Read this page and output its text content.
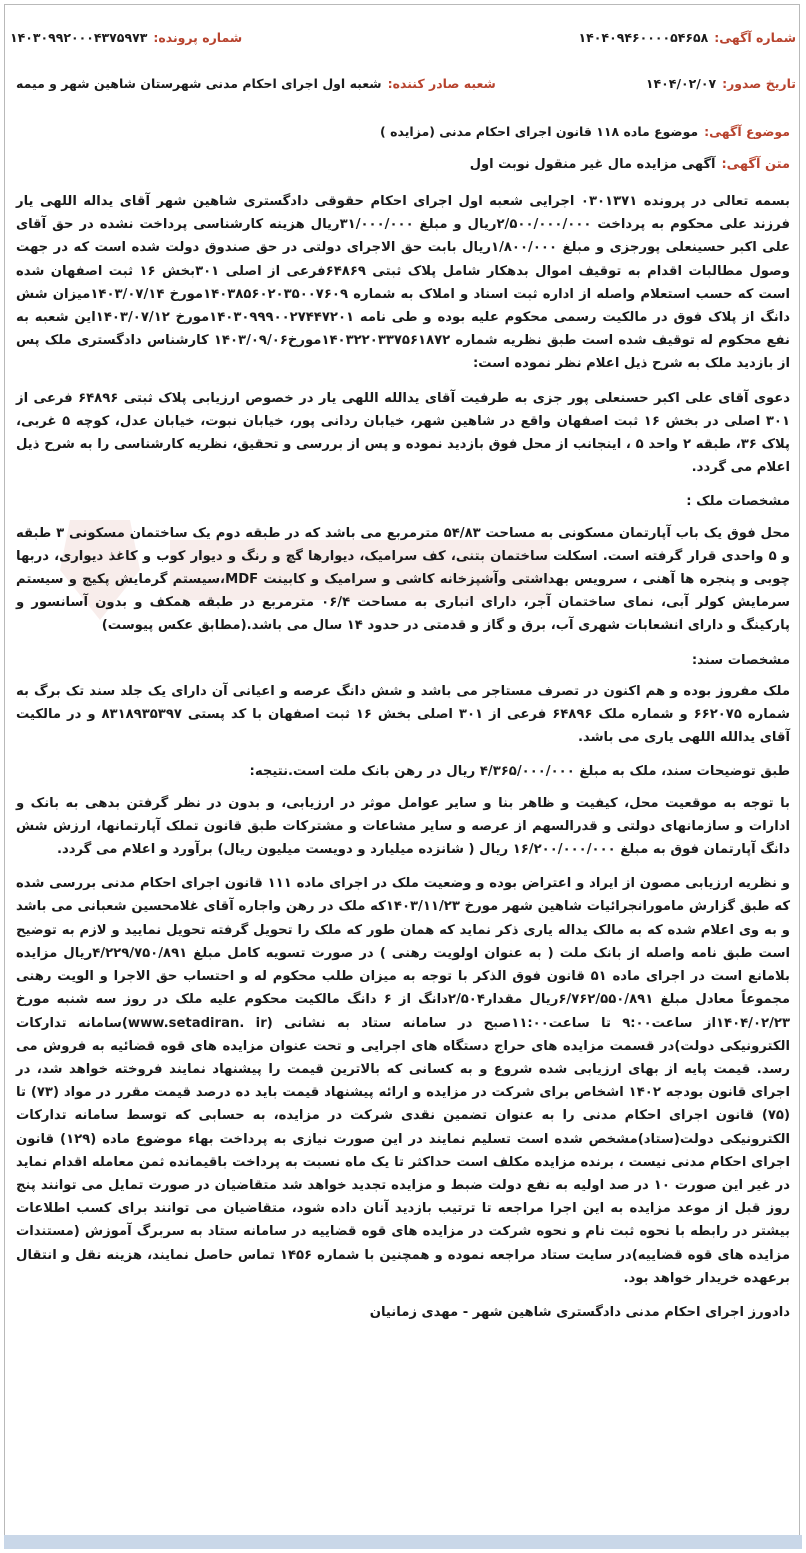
شماره آگهی:۱۴۰۴۰۹۴۶۰۰۰۰۵۴۶۵۸
شماره پرونده:۱۴۰۳۰۹۹۲۰۰۰۴۳۷۵۹۷۳
تاریخ صدور:۱۴۰۴/۰۲/۰۷
شعبه صادر کننده:شعبه اول اجرای احکام مدنی شهرستان شاهین شهر و میمه
موضوع آگهی:موضوع ماده ۱۱۸ قانون اجرای احکام مدنی (مزایده )
متن آگهی:آگهی مزایده مال غیر منقول نوبت اول

بسمه تعالی در پرونده ۰۳۰۱۳۷۱ اجرایی شعبه اول اجرای احکام حقوقی دادگستری شاهین شهر آقای یداله اللهی یار فرزند علی محکوم به پرداخت ۲/۵۰۰/۰۰۰/۰۰۰ریال و مبلغ ۳۱/۰۰۰/۰۰۰ریال هزینه کارشناسی پرداخت نشده در حق آقای علی اکبر حسینعلی پورجزی و مبلغ ۱/۸۰۰/۰۰۰ریال بابت حق الاجرای دولتی در حق صندوق دولت شده است که در جهت وصول مطالبات اقدام به توقیف اموال بدهکار شامل پلاک ثبتی ۶۴۸۶۹فرعی از اصلی ۳۰۱بخش ۱۶ ثبت اصفهان شده است که حسب استعلام واصله از اداره ثبت اسناد و املاک به شماره ۱۴۰۳۸۵۶۰۲۰۳۵۰۰۷۶۰۹مورخ ۱۴۰۳/۰۷/۱۴میزان شش دانگ از پلاک فوق در مالکیت رسمی محکوم علیه بوده و طی نامه ۱۴۰۳۰۹۹۹۰۰۲۷۴۴۷۲۰۱مورخ ۱۴۰۳/۰۷/۱۲این شعبه به نفع محکوم له توقیف شده است طبق نظریه شماره ۱۴۰۳۲۲۰۳۳۷۵۶۱۸۷۲مورخ۱۴۰۳/۰۹/۰۶ کارشناس دادگستری ملک پس از بازدید ملک به شرح ذیل اعلام نظر نموده است:

دعوی آقای علی اکبر حسنعلی پور جزی به طرفیت آقای یدالله اللهی یار در خصوص ارزیابی پلاک ثبتی ۶۴۸۹۶ فرعی از ۳۰۱ اصلی در بخش ۱۶ ثبت اصفهان واقع در شاهین شهر، خیابان ردانی پور، خیابان نبوت، خیابان عدل، کوچه ۵ غربی، پلاک ۳۶، طبقه ۲ واحد ۵ ، اینجانب از محل فوق بازدید نموده و پس از بررسی و تحقیق، نظریه کارشناسی را به شرح ذیل اعلام می گردد.

مشخصات ملک :

محل فوق یک باب آپارتمان مسکونی به مساحت ۵۴/۸۳ مترمربع می باشد که در طبقه دوم یک ساختمان مسکونی ۳ طبقه و ۵ واحدی قرار گرفته است. اسکلت ساختمان بتنی، کف سرامیک، دیوارها گچ و رنگ و دیوار کوب و کاغذ دیواری، دربها چوبی و پنجره ها آهنی ، سرویس بهداشتی وآشپزخانه کاشی و سرامیک و کابینت MDF،سیستم گرمایش پکیج و سیستم سرمایش کولر آبی، نمای ساختمان آجر، دارای انباری به مساحت ۰۶/۴ مترمربع در طبقه همکف و بدون آسانسور و پارکینگ و دارای انشعابات شهری آب، برق و گاز و قدمتی در حدود ۱۴ سال می باشد.(مطابق عکس پیوست)

مشخصات سند:

ملک مفروز بوده و هم اکنون در تصرف مستاجر می باشد و شش دانگ عرصه و اعیانی آن دارای یک جلد سند تک برگ به شماره ۶۶۲۰۷۵ و شماره ملک ۶۴۸۹۶ فرعی از ۳۰۱ اصلی بخش ۱۶ ثبت اصفهان با کد پستی ۸۳۱۸۹۳۵۳۹۷ و در مالکیت آقای یدالله اللهی یاری می باشد.

طبق توضیحات سند، ملک به مبلغ ۴/۳۶۵/۰۰۰/۰۰۰ ریال در رهن بانک ملت است.نتیجه:

با توجه به موقعیت محل، کیفیت و ظاهر بنا و سایر عوامل موثر در ارزیابی، و بدون در نظر گرفتن بدهی به بانک و ادارات و سازمانهای دولتی و قدرالسهم از عرصه و سایر مشاعات و مشترکات طبق قانون تملک آپارتمانها، ارزش شش دانگ آپارتمان فوق به مبلغ ۱۶/۲۰۰/۰۰۰/۰۰۰ ریال ( شانزده میلیارد و دویست میلیون ریال) برآورد و اعلام می گردد.

و نظریه ارزیابی مصون از ایراد و اعتراض بوده و وضعیت ملک در اجرای ماده ۱۱۱ قانون اجرای احکام مدنی بررسی شده که طبق گزارش مامورانجرائیات شاهین شهر مورخ ۱۴۰۳/۱۱/۲۳که ملک در رهن واجاره آقای غلامحسین شعبانی می باشد و به وی اعلام شده که به مالک یداله یاری ذکر نماید که همان طور که ملک را تحویل گرفته تحویل نمایید و لازم به توضیح است طبق نامه واصله از بانک ملت ( به عنوان اولویت رهنی ) در صورت تسویه کامل مبلغ ۴/۲۲۹/۷۵۰/۸۹۱ریال مزایده بلامانع است در اجرای ماده ۵۱ قانون فوق الذکر با توجه به میزان طلب محکوم له و احتساب حق الاجرا و الویت رهنی مجموعاً معادل مبلغ ۶/۷۶۲/۵۵۰/۸۹۱ریال مقدار۲/۵۰۴دانگ از ۶ دانگ مالکیت محکوم علیه ملک در روز سه شنبه مورخ ۱۴۰۴/۰۲/۲۳از ساعت۹:۰۰ تا ساعت۱۱:۰۰صبح در سامانه ستاد به نشانی (www.setadiran. ir)سامانه تدارکات الکترونیکی دولت)در قسمت مزایده های حراج دستگاه های اجرایی و تحت عنوان مزایده های قوه قضائیه به فروش می رسد. قیمت پایه از بهای ارزیابی شده شروع و به کسانی که بالاترین قیمت را پیشنهاد نمایند فروخته خواهد شد، در اجرای قانون بودجه ۱۴۰۲ اشخاص برای شرکت در مزایده و ارائه پیشنهاد قیمت باید ده درصد قیمت مقرر در مواد (۷۳) تا (۷۵) قانون اجرای احکام مدنی را به عنوان تضمین نقدی شرکت در مزایده، به حسابی که توسط سامانه تدارکات الکترونیکی دولت(ستاد)مشخص شده است تسلیم نمایند در این صورت نیازی به پرداخت بهاء موضوع ماده (۱۲۹) قانون اجرای احکام مدنی نیست ، برنده مزایده مکلف است حداکثر تا یک ماه نسبت به پرداخت باقیمانده ثمن معامله اقدام نماید در غیر این صورت ۱۰ در صد اولیه به نفع دولت ضبط و مزایده تجدید خواهد شد متقاضیان در صورت تمایل می توانند پنج روز قبل از موعد مزایده به این اجرا مراجعه تا ترتیب بازدید آنان داده شود، متقاضیان می توانند برای کسب اطلاعات بیشتر در رابطه با نحوه ثبت نام و نحوه شرکت در مزایده های قوه قضاییه در سامانه ستاد به سربرگ آموزش (مستندات مزایده های قوه قضاییه)در سایت ستاد مراجعه نموده و همچنین با شماره ۱۴۵۶ تماس حاصل نمایند، هزینه نقل و انتقال برعهده خریدار خواهد بود.

دادورز اجرای احکام مدنی دادگستری شاهین شهر - مهدی زمانیان
